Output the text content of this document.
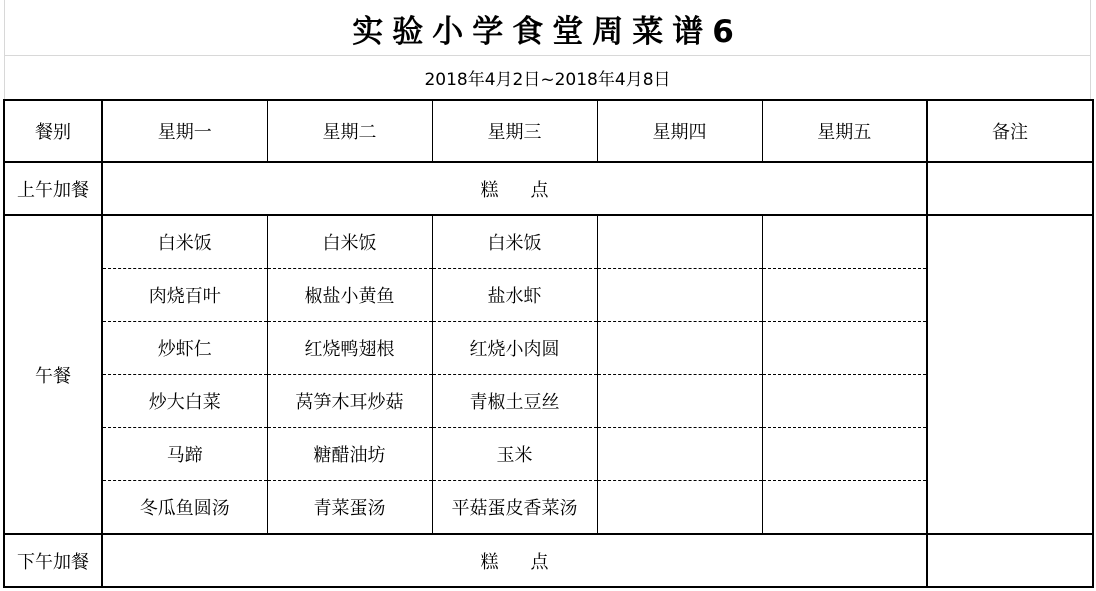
实验小学食堂周菜谱6
2018年4月2日~2018年4月8日
餐别	星期一	星期二	星期三	星期四	星期五	备注
上午加餐	糕 点					
午餐	白米饭	白米饭	白米饭			
	肉烧百叶	椒盐小黄鱼	盐水虾			
	炒虾仁	红烧鸭翅根	红烧小肉圆			
	炒大白菜	莴笋木耳炒菇	青椒土豆丝			
	马蹄	糖醋油坊	玉米			
	冬瓜鱼圆汤	青菜蛋汤	平菇蛋皮香菜汤			
下午加餐	糕 点					
